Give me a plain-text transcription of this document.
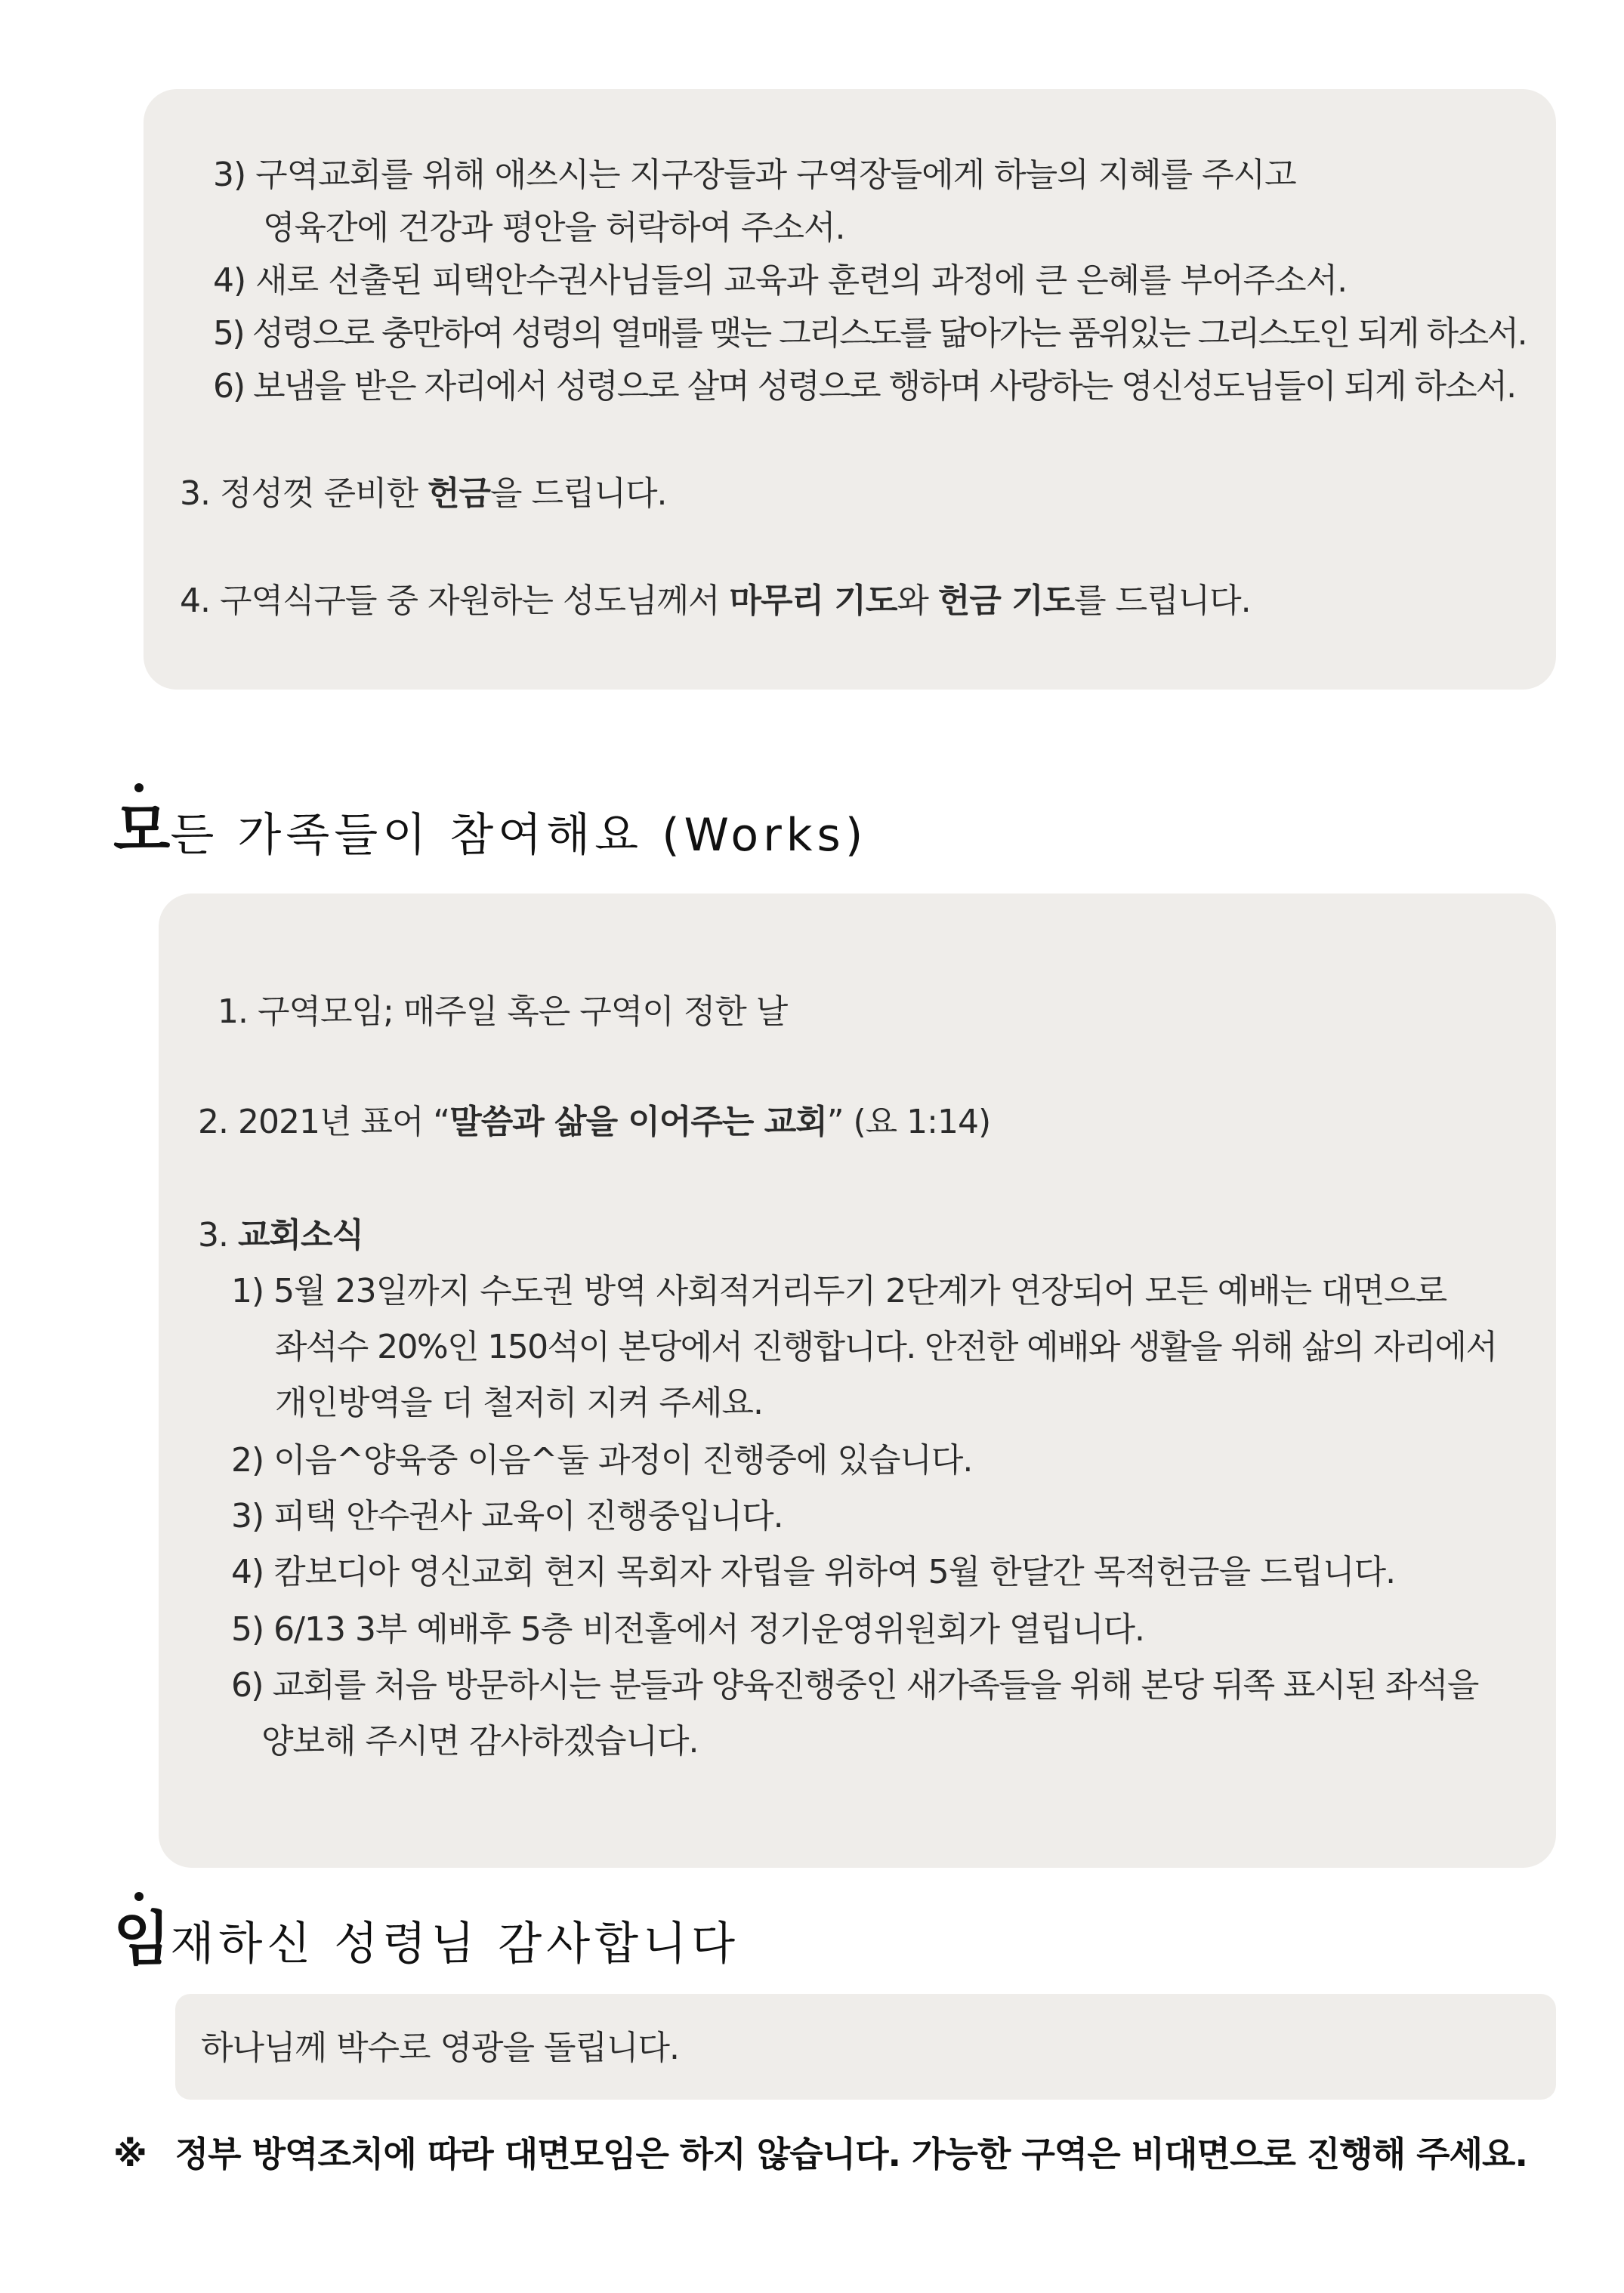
3) 구역교회를 위해 애쓰시는 지구장들과 구역장들에게 하늘의 지혜를 주시고
영육간에 건강과 평안을 허락하여 주소서.
4) 새로 선출된 피택안수권사님들의 교육과 훈련의 과정에 큰 은혜를 부어주소서.
5) 성령으로 충만하여 성령의 열매를 맺는 그리스도를 닮아가는 품위있는 그리스도인 되게 하소서.
6) 보냄을 받은 자리에서 성령으로 살며 성령으로 행하며 사랑하는 영신성도님들이 되게 하소서.
3. 정성껏 준비한 헌금을 드립니다.
4. 구역식구들 중 자원하는 성도님께서 마무리 기도와 헌금 기도를 드립니다.
모든 가족들이 참여해요 (Works)
1. 구역모임; 매주일 혹은 구역이 정한 날
2. 2021년 표어 “말씀과 삶을 이어주는 교회” (요 1:14)
3. 교회소식
1) 5월 23일까지 수도권 방역 사회적거리두기 2단계가 연장되어 모든 예배는 대면으로
좌석수 20%인 150석이 본당에서 진행합니다. 안전한 예배와 생활을 위해 삶의 자리에서
개인방역을 더 철저히 지켜 주세요.
2) 이음^양육중 이음^둘 과정이 진행중에 있습니다.
3) 피택 안수권사 교육이 진행중입니다.
4) 캄보디아 영신교회 현지 목회자 자립을 위하여 5월 한달간 목적헌금을 드립니다.
5) 6/13 3부 예배후 5층 비전홀에서 정기운영위원회가 열립니다.
6) 교회를 처음 방문하시는 분들과 양육진행중인 새가족들을 위해 본당 뒤쪽 표시된 좌석을
양보해 주시면 감사하겠습니다.
임재하신 성령님 감사합니다
하나님께 박수로 영광을 돌립니다.
※ 정부 방역조치에 따라 대면모임은 하지 않습니다. 가능한 구역은 비대면으로 진행해 주세요.
